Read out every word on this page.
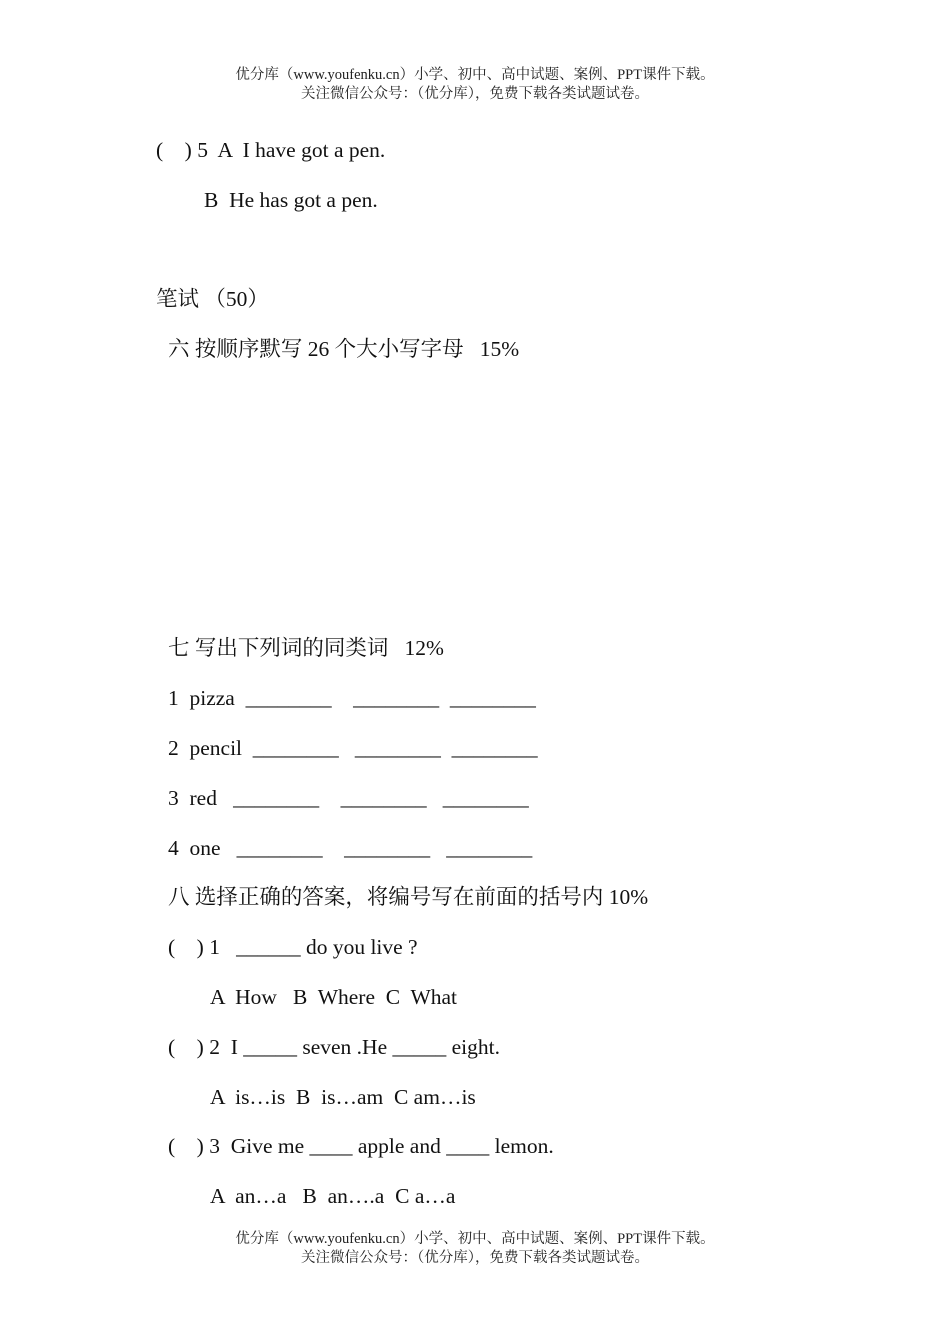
优分库（www.youfenku.cn）小学、初中、高中试题、案例、PPT课件下载。
关注微信公众号：（优分库），免费下载各类试题试卷。
(    ) 5  A  I have got a pen.
B  He has got a pen.
笔试 （50）
六 按顺序默写 26 个大小写字母   15%
七 写出下列词的同类词   12%
1  pizza  ________    ________  ________
2  pencil  ________   ________  ________
3  red   ________    ________   ________
4  one   ________    ________   ________
八 选择正确的答案，将编号写在前面的括号内 10%
(    ) 1   ______ do you live ?
A  How   B  Where  C  What
(    ) 2  I _____ seven .He _____ eight.
A  is…is  B  is…am  C am…is
(    ) 3  Give me ____ apple and ____ lemon.
A  an…a   B  an….a  C a…a
优分库（www.youfenku.cn）小学、初中、高中试题、案例、PPT课件下载。
关注微信公众号：（优分库），免费下载各类试题试卷。
